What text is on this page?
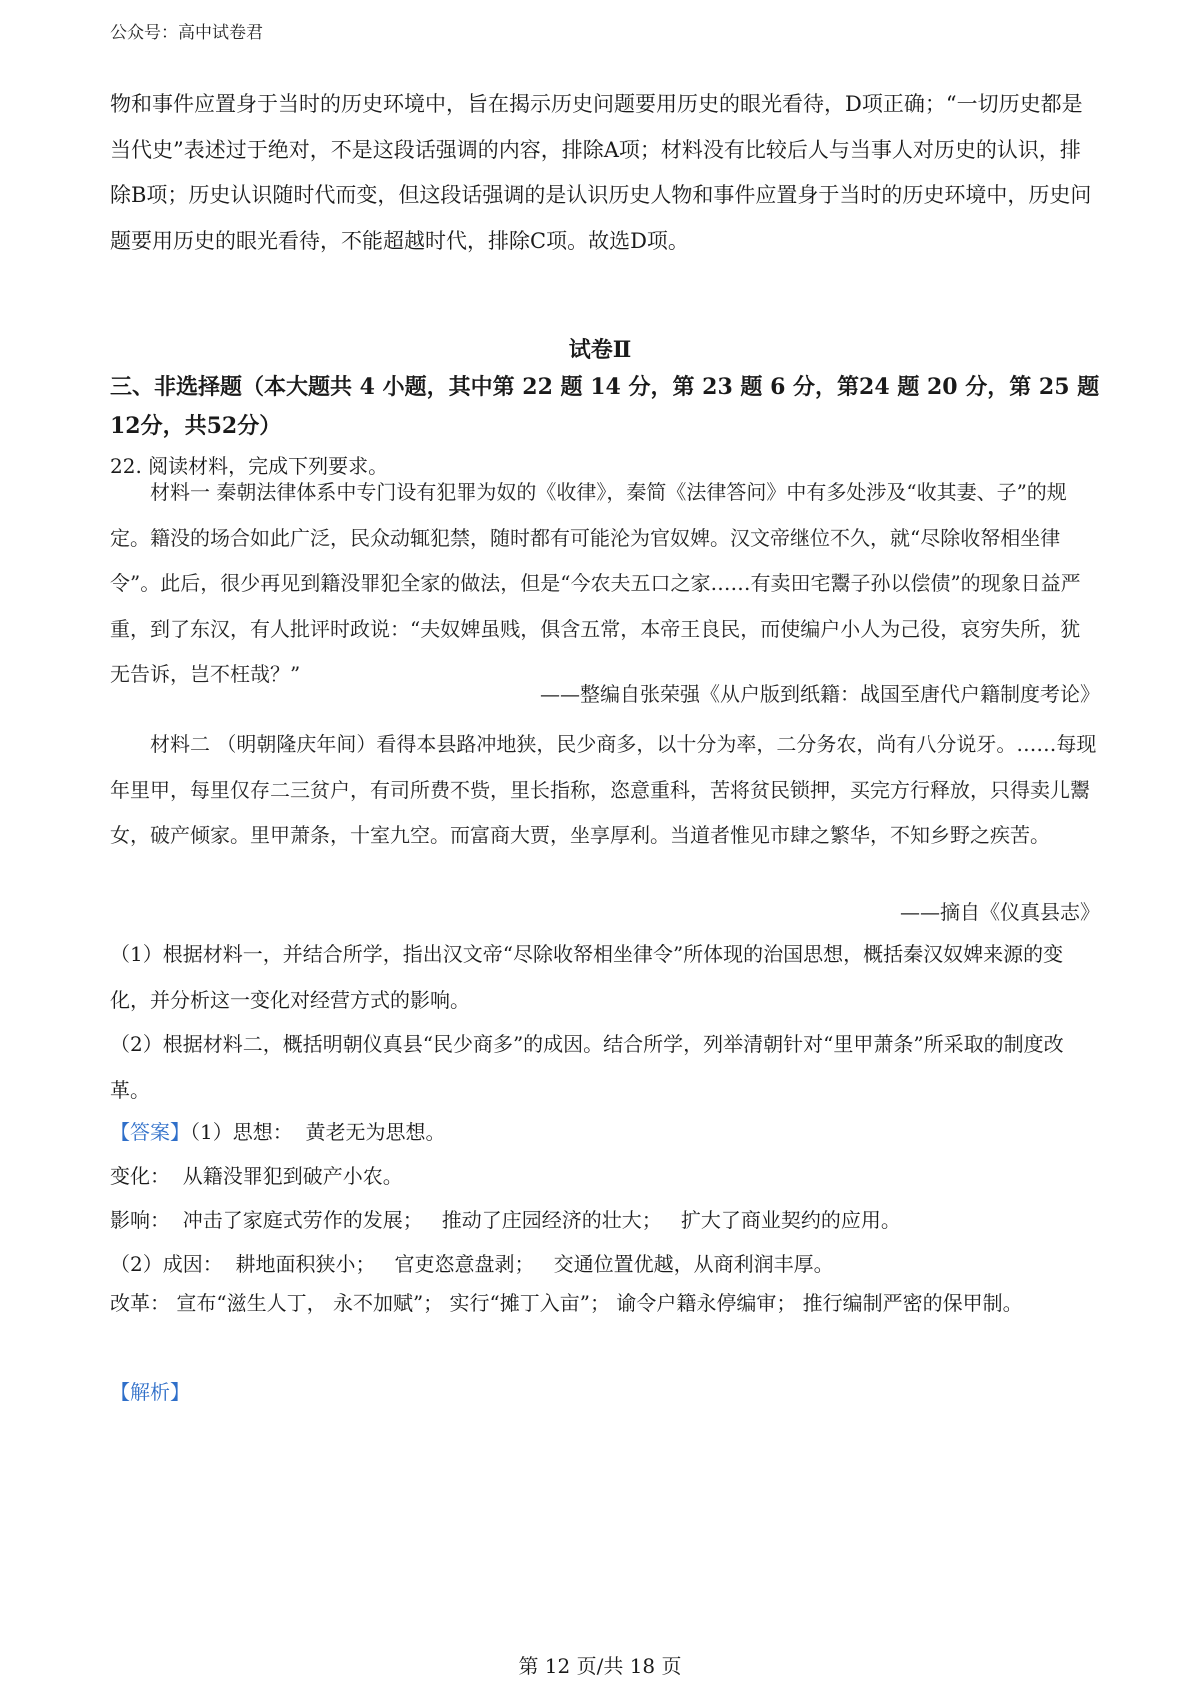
公众号：高中试卷君

物和事件应置身于当时的历史环境中，旨在揭示历史问题要用历史的眼光看待，D项正确；“一切历史都是当代史”表述过于绝对，不是这段话强调的内容，排除A项；材料没有比较后人与当事人对历史的认识，排除B项；历史认识随时代而变，但这段话强调的是认识历史人物和事件应置身于当时的历史环境中，历史问题要用历史的眼光看待，不能超越时代，排除C项。故选D项。

试卷Ⅱ

三、非选择题（本大题共 4 小题，其中第 22 题 14 分，第 23 题 6 分，第24 题 20 分，第 25 题 12分，共52分）

22. 阅读材料，完成下列要求。

材料一 秦朝法律体系中专门设有犯罪为奴的《收律》，秦简《法律答问》中有多处涉及“收其妻、子”的规定。籍没的场合如此广泛，民众动辄犯禁，随时都有可能沦为官奴婢。汉文帝继位不久，就“尽除收帑相坐律令”。此后，很少再见到籍没罪犯全家的做法，但是“今农夫五口之家……有卖田宅鬻子孙以偿债”的现象日益严重，到了东汉，有人批评时政说：“夫奴婢虽贱，俱含五常，本帝王良民，而使编户小人为己役，哀穷失所，犹无告诉，岂不枉哉？”

——整编自张荣强《从户版到纸籍：战国至唐代户籍制度考论》

材料二 （明朝隆庆年间）看得本县路冲地狭，民少商多，以十分为率，二分务农，尚有八分说牙。……每现年里甲，每里仅存二三贫户，有司所费不赀，里长指称，恣意重科，苦将贫民锁押，买完方行释放，只得卖儿鬻女，破产倾家。里甲萧条，十室九空。而富商大贾，坐享厚利。当道者惟见市肆之繁华，不知乡野之疾苦。

——摘自《仪真县志》

（1）根据材料一，并结合所学，指出汉文帝“尽除收帑相坐律令”所体现的治国思想，概括秦汉奴婢来源的变化，并分析这一变化对经营方式的影响。

（2）根据材料二，概括明朝仪真县“民少商多”的成因。结合所学，列举清朝针对“里甲萧条”所采取的制度改革。

【答案】（1）思想：  黄老无为思想。
变化：  从籍没罪犯到破产小农。
影响：  冲击了家庭式劳作的发展；   推动了庄园经济的壮大；   扩大了商业契约的应用。
（2）成因：  耕地面积狭小；   官吏恣意盘剥；   交通位置优越，从商利润丰厚。

改革： 宣布“滋生人丁， 永不加赋”； 实行“摊丁入亩”； 谕令户籍永停编审； 推行编制严密的保甲制。

【解析】
第 12 页/共 18 页
